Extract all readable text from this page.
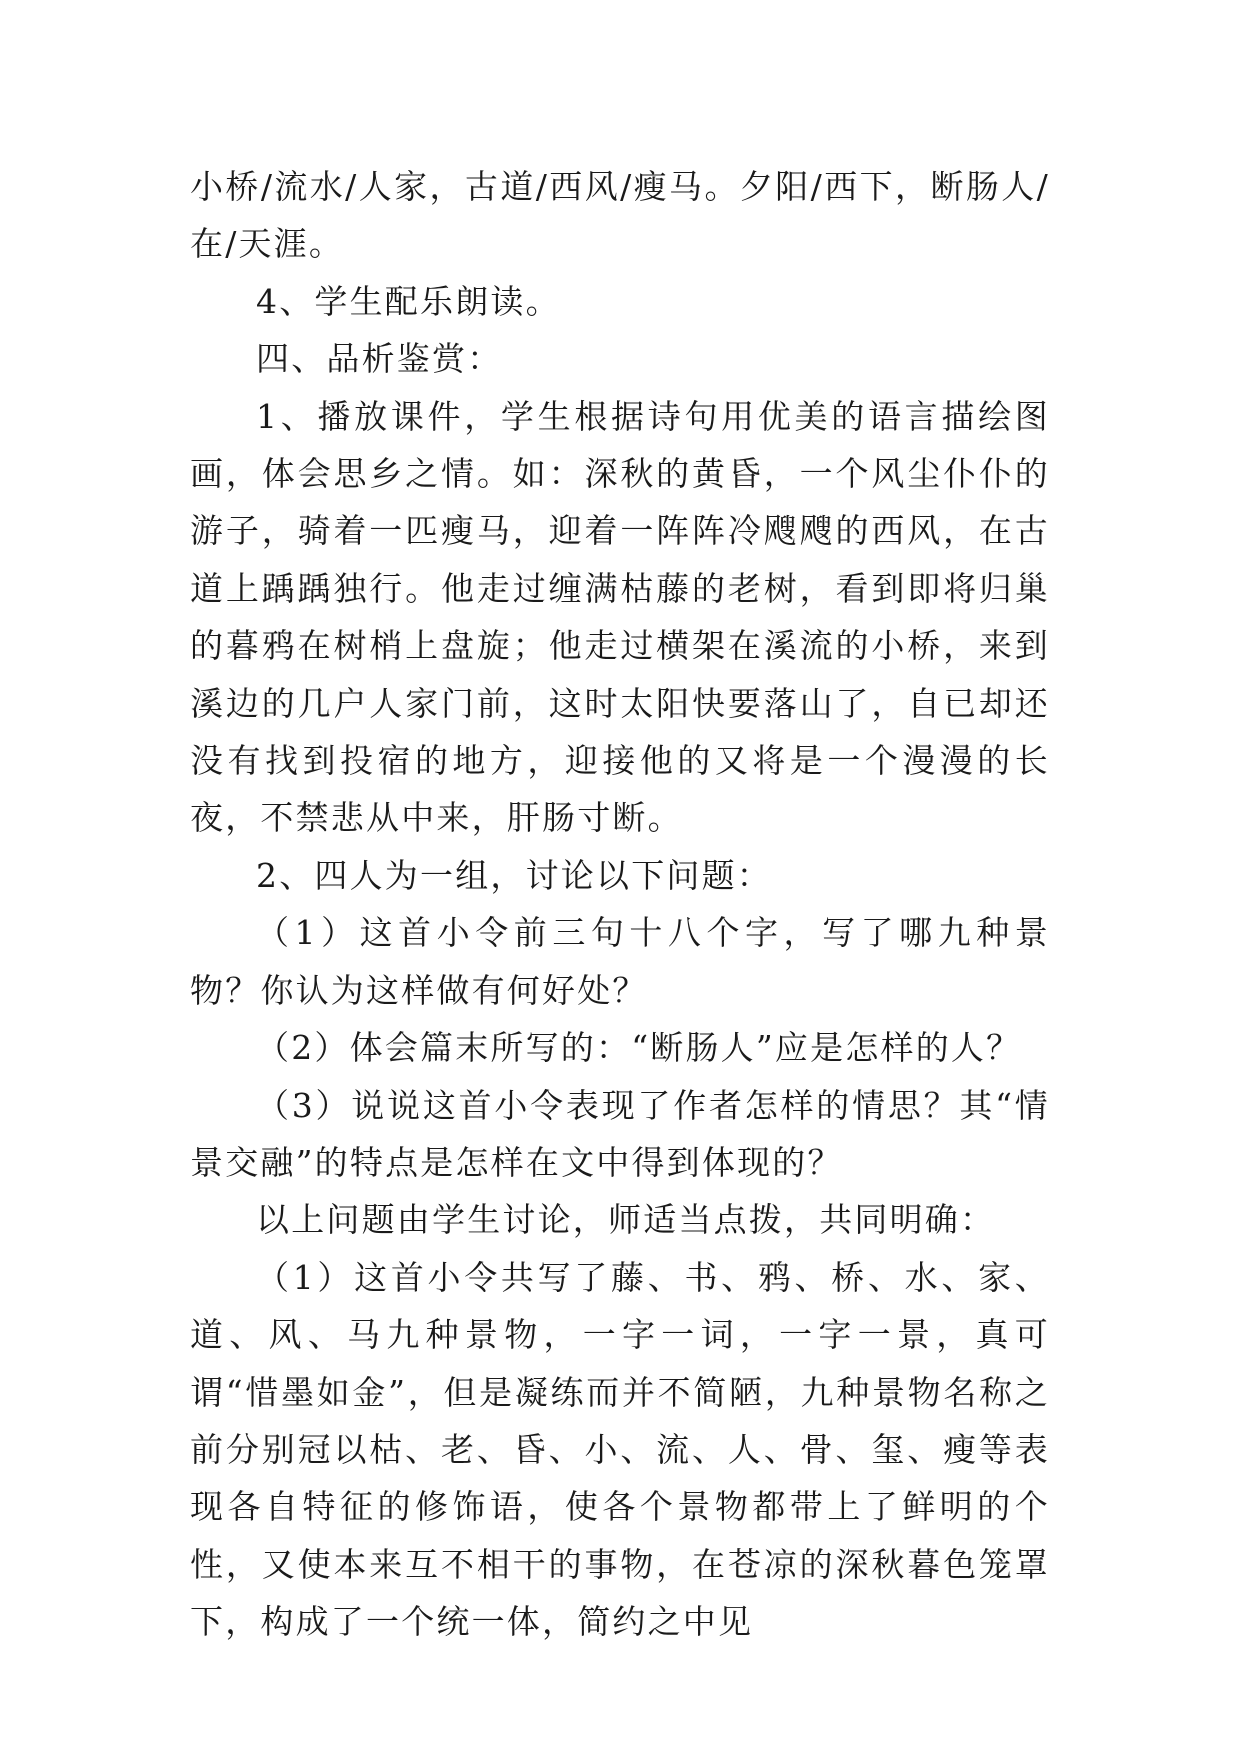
小桥/流水/人家，古道/西风/瘦马。夕阳/西下，断肠人/在/天涯。

4、学生配乐朗读。

四、品析鉴赏：

1、播放课件，学生根据诗句用优美的语言描绘图画，体会思乡之情。如：深秋的黄昏，一个风尘仆仆的游子，骑着一匹瘦马，迎着一阵阵冷飕飕的西风，在古道上踽踽独行。他走过缠满枯藤的老树，看到即将归巢的暮鸦在树梢上盘旋；他走过横架在溪流的小桥，来到溪边的几户人家门前，这时太阳快要落山了，自已却还没有找到投宿的地方，迎接他的又将是一个漫漫的长夜，不禁悲从中来，肝肠寸断。

2、四人为一组，讨论以下问题：

（1）这首小令前三句十八个字，写了哪九种景物？你认为这样做有何好处？

（2）体会篇末所写的：“断肠人”应是怎样的人？

（3）说说这首小令表现了作者怎样的情思？其“情景交融”的特点是怎样在文中得到体现的？

以上问题由学生讨论，师适当点拨，共同明确：

（1）这首小令共写了藤、书、鸦、桥、水、家、道、风、马九种景物，一字一词，一字一景，真可谓“惜墨如金”，但是凝练而并不简陋，九种景物名称之前分别冠以枯、老、昏、小、流、人、骨、玺、瘦等表现各自特征的修饰语，使各个景物都带上了鲜明的个性，又使本来互不相干的事物，在苍凉的深秋暮色笼罩下，构成了一个统一体，简约之中见
